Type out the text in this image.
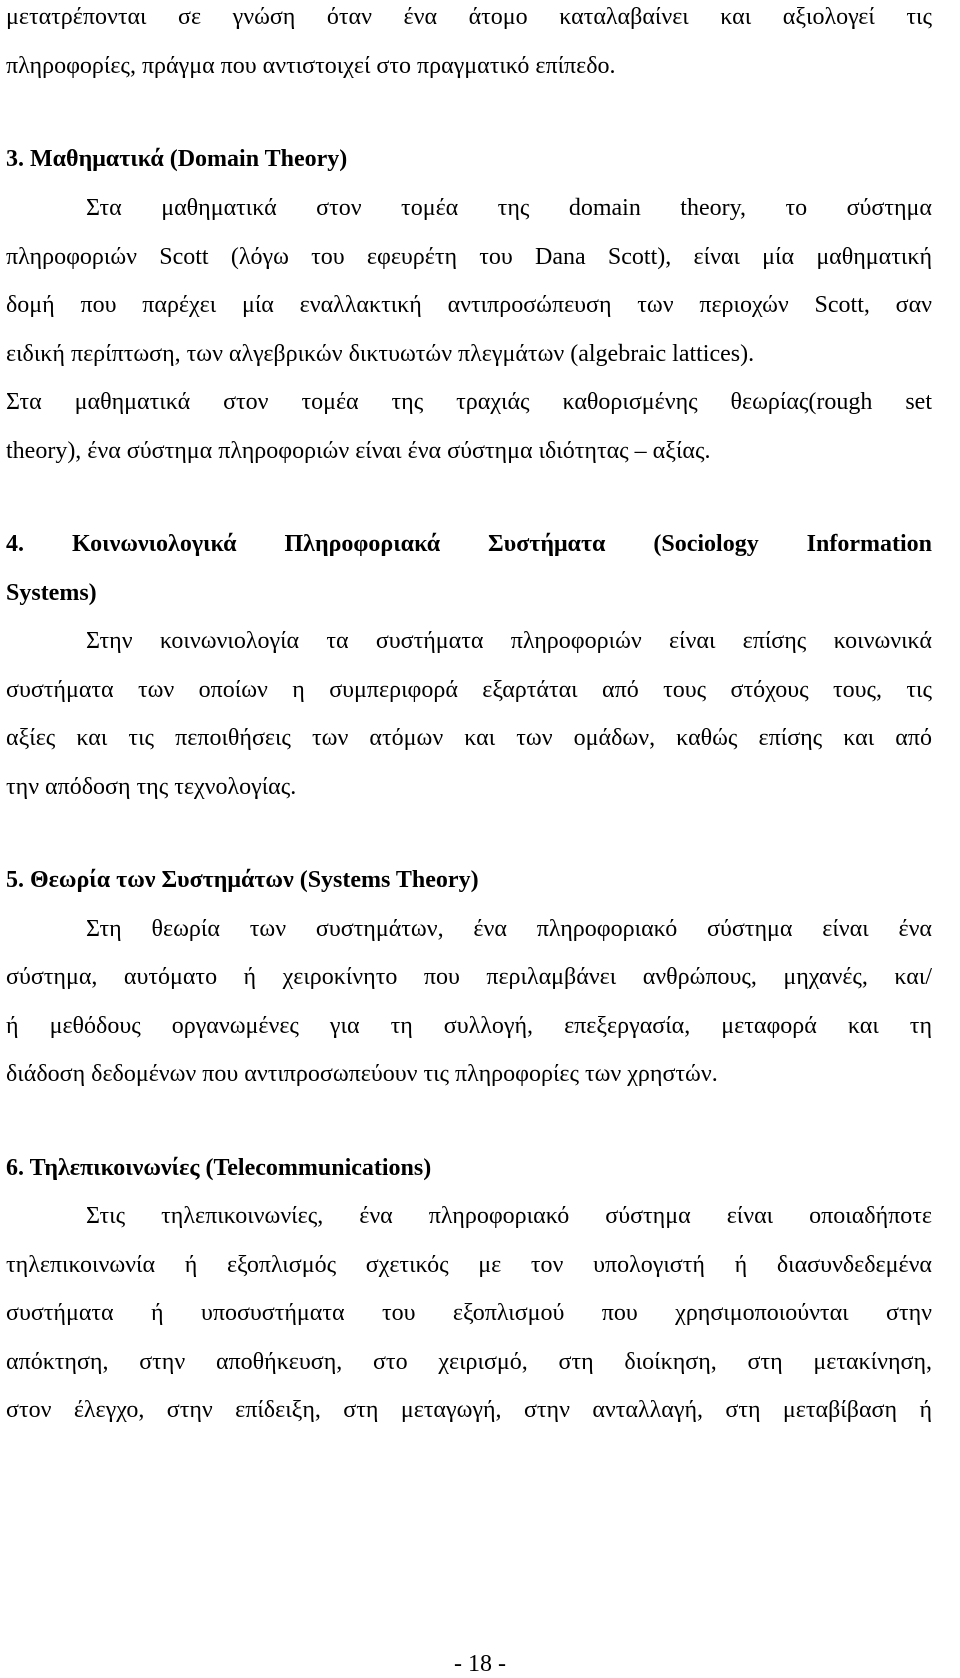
μετατρέπονται σε γνώση όταν ένα άτομο καταλαβαίνει και αξιολογεί τις
πληροφορίες, πράγμα που αντιστοιχεί στο πραγματικό επίπεδο.
3. Μαθηματικά (Domain Theory)
Στα μαθηματικά στον τομέα της domain theory, το σύστημα
πληροφοριών Scott (λόγω του εφευρέτη του Dana Scott), είναι μία μαθηματική
δομή που παρέχει μία εναλλακτική αντιπροσώπευση των περιοχών Scott, σαν
ειδική περίπτωση, των αλγεβρικών δικτυωτών πλεγμάτων (algebraic lattices).
Στα μαθηματικά στον τομέα της τραχιάς καθορισμένης θεωρίας(rough set
theory), ένα σύστημα πληροφοριών είναι ένα σύστημα ιδιότητας – αξίας.
4. Κοινωνιολογικά Πληροφοριακά Συστήματα (Sociology Information
Systems)
Στην κοινωνιολογία τα συστήματα πληροφοριών είναι επίσης κοινωνικά
συστήματα των οποίων η συμπεριφορά εξαρτάται από τους στόχους τους, τις
αξίες και τις πεποιθήσεις των ατόμων και των ομάδων, καθώς επίσης και από
την απόδοση της τεχνολογίας.
5. Θεωρία των Συστημάτων (Systems Theory)
Στη θεωρία των συστημάτων, ένα πληροφοριακό σύστημα είναι ένα
σύστημα, αυτόματο ή χειροκίνητο που περιλαμβάνει ανθρώπους, μηχανές, και/
ή μεθόδους οργανωμένες για τη συλλογή, επεξεργασία, μεταφορά και τη
διάδοση δεδομένων που αντιπροσωπεύουν τις πληροφορίες των χρηστών.
6. Τηλεπικοινωνίες (Telecommunications)
Στις τηλεπικοινωνίες, ένα πληροφοριακό σύστημα είναι οποιαδήποτε
τηλεπικοινωνία ή εξοπλισμός σχετικός με τον υπολογιστή ή διασυνδεδεμένα
συστήματα ή υποσυστήματα του εξοπλισμού που χρησιμοποιούνται στην
απόκτηση, στην αποθήκευση, στο χειρισμό, στη διοίκηση, στη μετακίνηση,
στον έλεγχο, στην επίδειξη, στη μεταγωγή, στην ανταλλαγή, στη μεταβίβαση ή
- 18 -
